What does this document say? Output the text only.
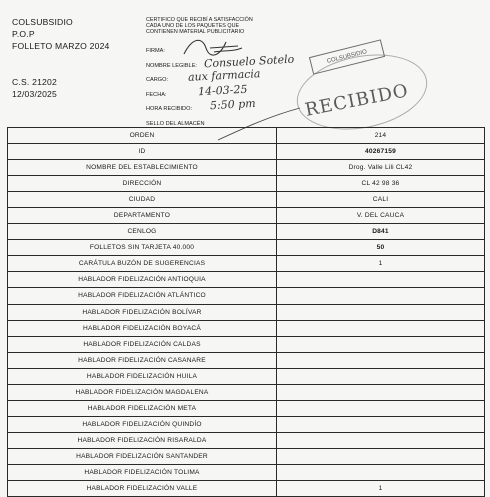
COLSUBSIDIO
P.O.P
FOLLETO MARZO 2024
C.S. 21202
12/03/2025
CERTIFICO QUE RECIBÍ A SATISFACCIÓN
CADA UNO DE LOS PAQUETES QUE
CONTIENEN MATERIAL PUBLICITARIO
FIRMA:
NOMBRE LEGIBLE: Consuelo Sotelo
CARGO: aux farmacia
FECHA:	14-03-25
HORA RECIBIDO: 5:50 pm
SELLO DEL ALMACÉN
COLSUBSIDIO
RECIBIDO
ORDEN	214
ID	40267159
NOMBRE DEL ESTABLECIMIENTO	Drog. Valle Lili CL42
DIRECCIÓN	CL 42 98 36
CIUDAD	CALI
DEPARTAMENTO	V. DEL CAUCA
CENLOG	D841
FOLLETOS SIN TARJETA 40.000	50
CARÁTULA BUZÓN DE SUGERENCIAS	1
HABLADOR FIDELIZACIÓN ANTIOQUIA	
HABLADOR FIDELIZACIÓN ATLÁNTICO	
HABLADOR FIDELIZACIÓN BOLÍVAR	
HABLADOR FIDELIZACIÓN BOYACÁ	
HABLADOR FIDELIZACIÓN CALDAS	
HABLADOR FIDELIZACIÓN CASANARE	
HABLADOR FIDELIZACIÓN HUILA	
HABLADOR FIDELIZACIÓN MAGDALENA	
HABLADOR FIDELIZACIÓN META	
HABLADOR FIDELIZACIÓN QUINDÍO	
HABLADOR FIDELIZACIÓN RISARALDA	
HABLADOR FIDELIZACIÓN SANTANDER	
HABLADOR FIDELIZACIÓN TOLIMA	
HABLADOR FIDELIZACIÓN VALLE	1
